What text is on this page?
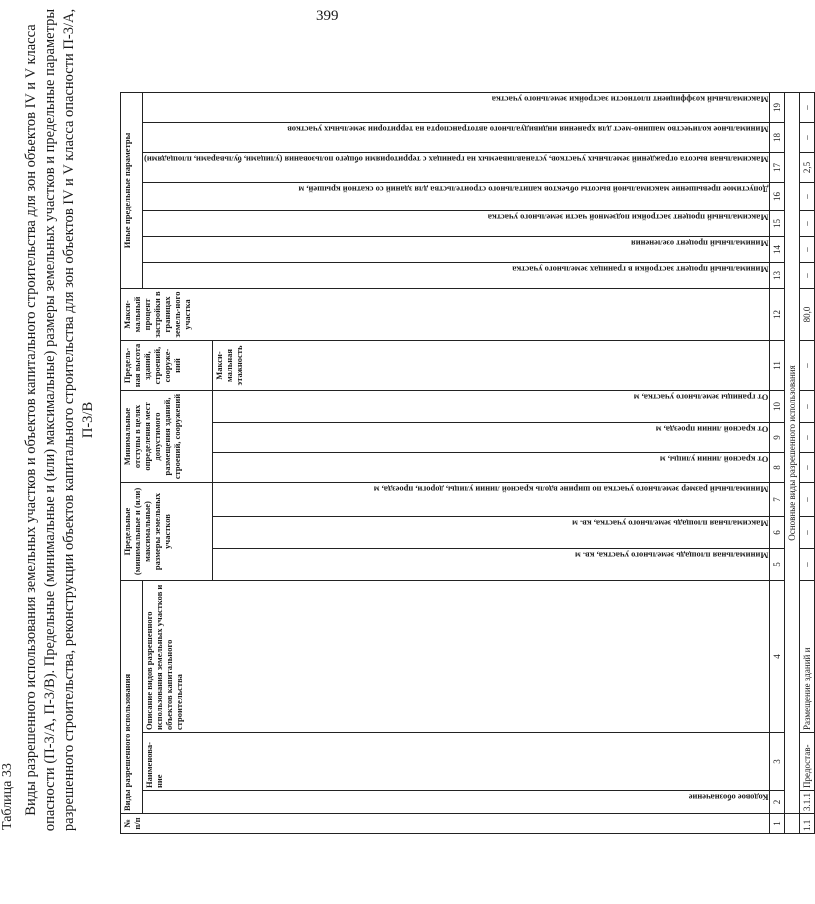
399
Таблица 33 Виды разрешенного использования земельных участков и объектов капитального строительства для зон объектов IV и V класса опасности (П-3/А, П-3/В). Предельные (минимальные и (или) максимальные) размеры земельных участков и предельные параметры разрешенного строительства, реконструкции объектов капитального строительства для зон объектов IV и V класса опасности П-3/А, П-3/В
№ п/п	Виды разрешенного использования			Предельные (минимальные и (или) максимальные) размеры земельных участков			Минимальные отступы в целях определения мест допустимого размещения зданий, строений, сооружений			Предель-ная высота зданий, строений, сооруже-ний	Макси-мальный процент застройки в границах земель-ного участка	Иные предельные параметры						
	Кодовое обозначение	Наименова-ние	Описание видов разрешенного использования земельных участков и объектов капитального строительства									Минимальный процент застройки в границах земельного участка	Минимальный процент озеленения	Максимальный процент застройки подземной части земельного участка	Допустимое превышение максимальной высоты объектов капитального строительства для зданий со скатной крышей, м	Максимальная высота ограждений земельных участков, устанавливаемых на границах с территориями общего пользования (улицами, бульварами, площадями)	Минимальное количество машино-мест для хранения индивидуального автотранспорта на территории земельных участков	Максимальный коэффициент плотности застройки земельного участка
				Минимальная площадь земельного участка, кв. м	Максимальная площадь земельного участка, кв. м	Минимальный размер земельного участка по ширине вдоль красной линии улицы, дороги, проезда, м	От красной линии улицы, м	От красной линии проезда, м	От границы земельного участка, м	Макси-мальная этажность								
1	2	3	4	5	6	7	8	9	10	11	12	13	14	15	16	17	18	19
	Основные виды разрешенного использования																	
1.1	3.1.1	Предостав-	Размещение зданий и	–	–	–	–	–	–	–	80,0	–	–	–	–	2,5	–	–
